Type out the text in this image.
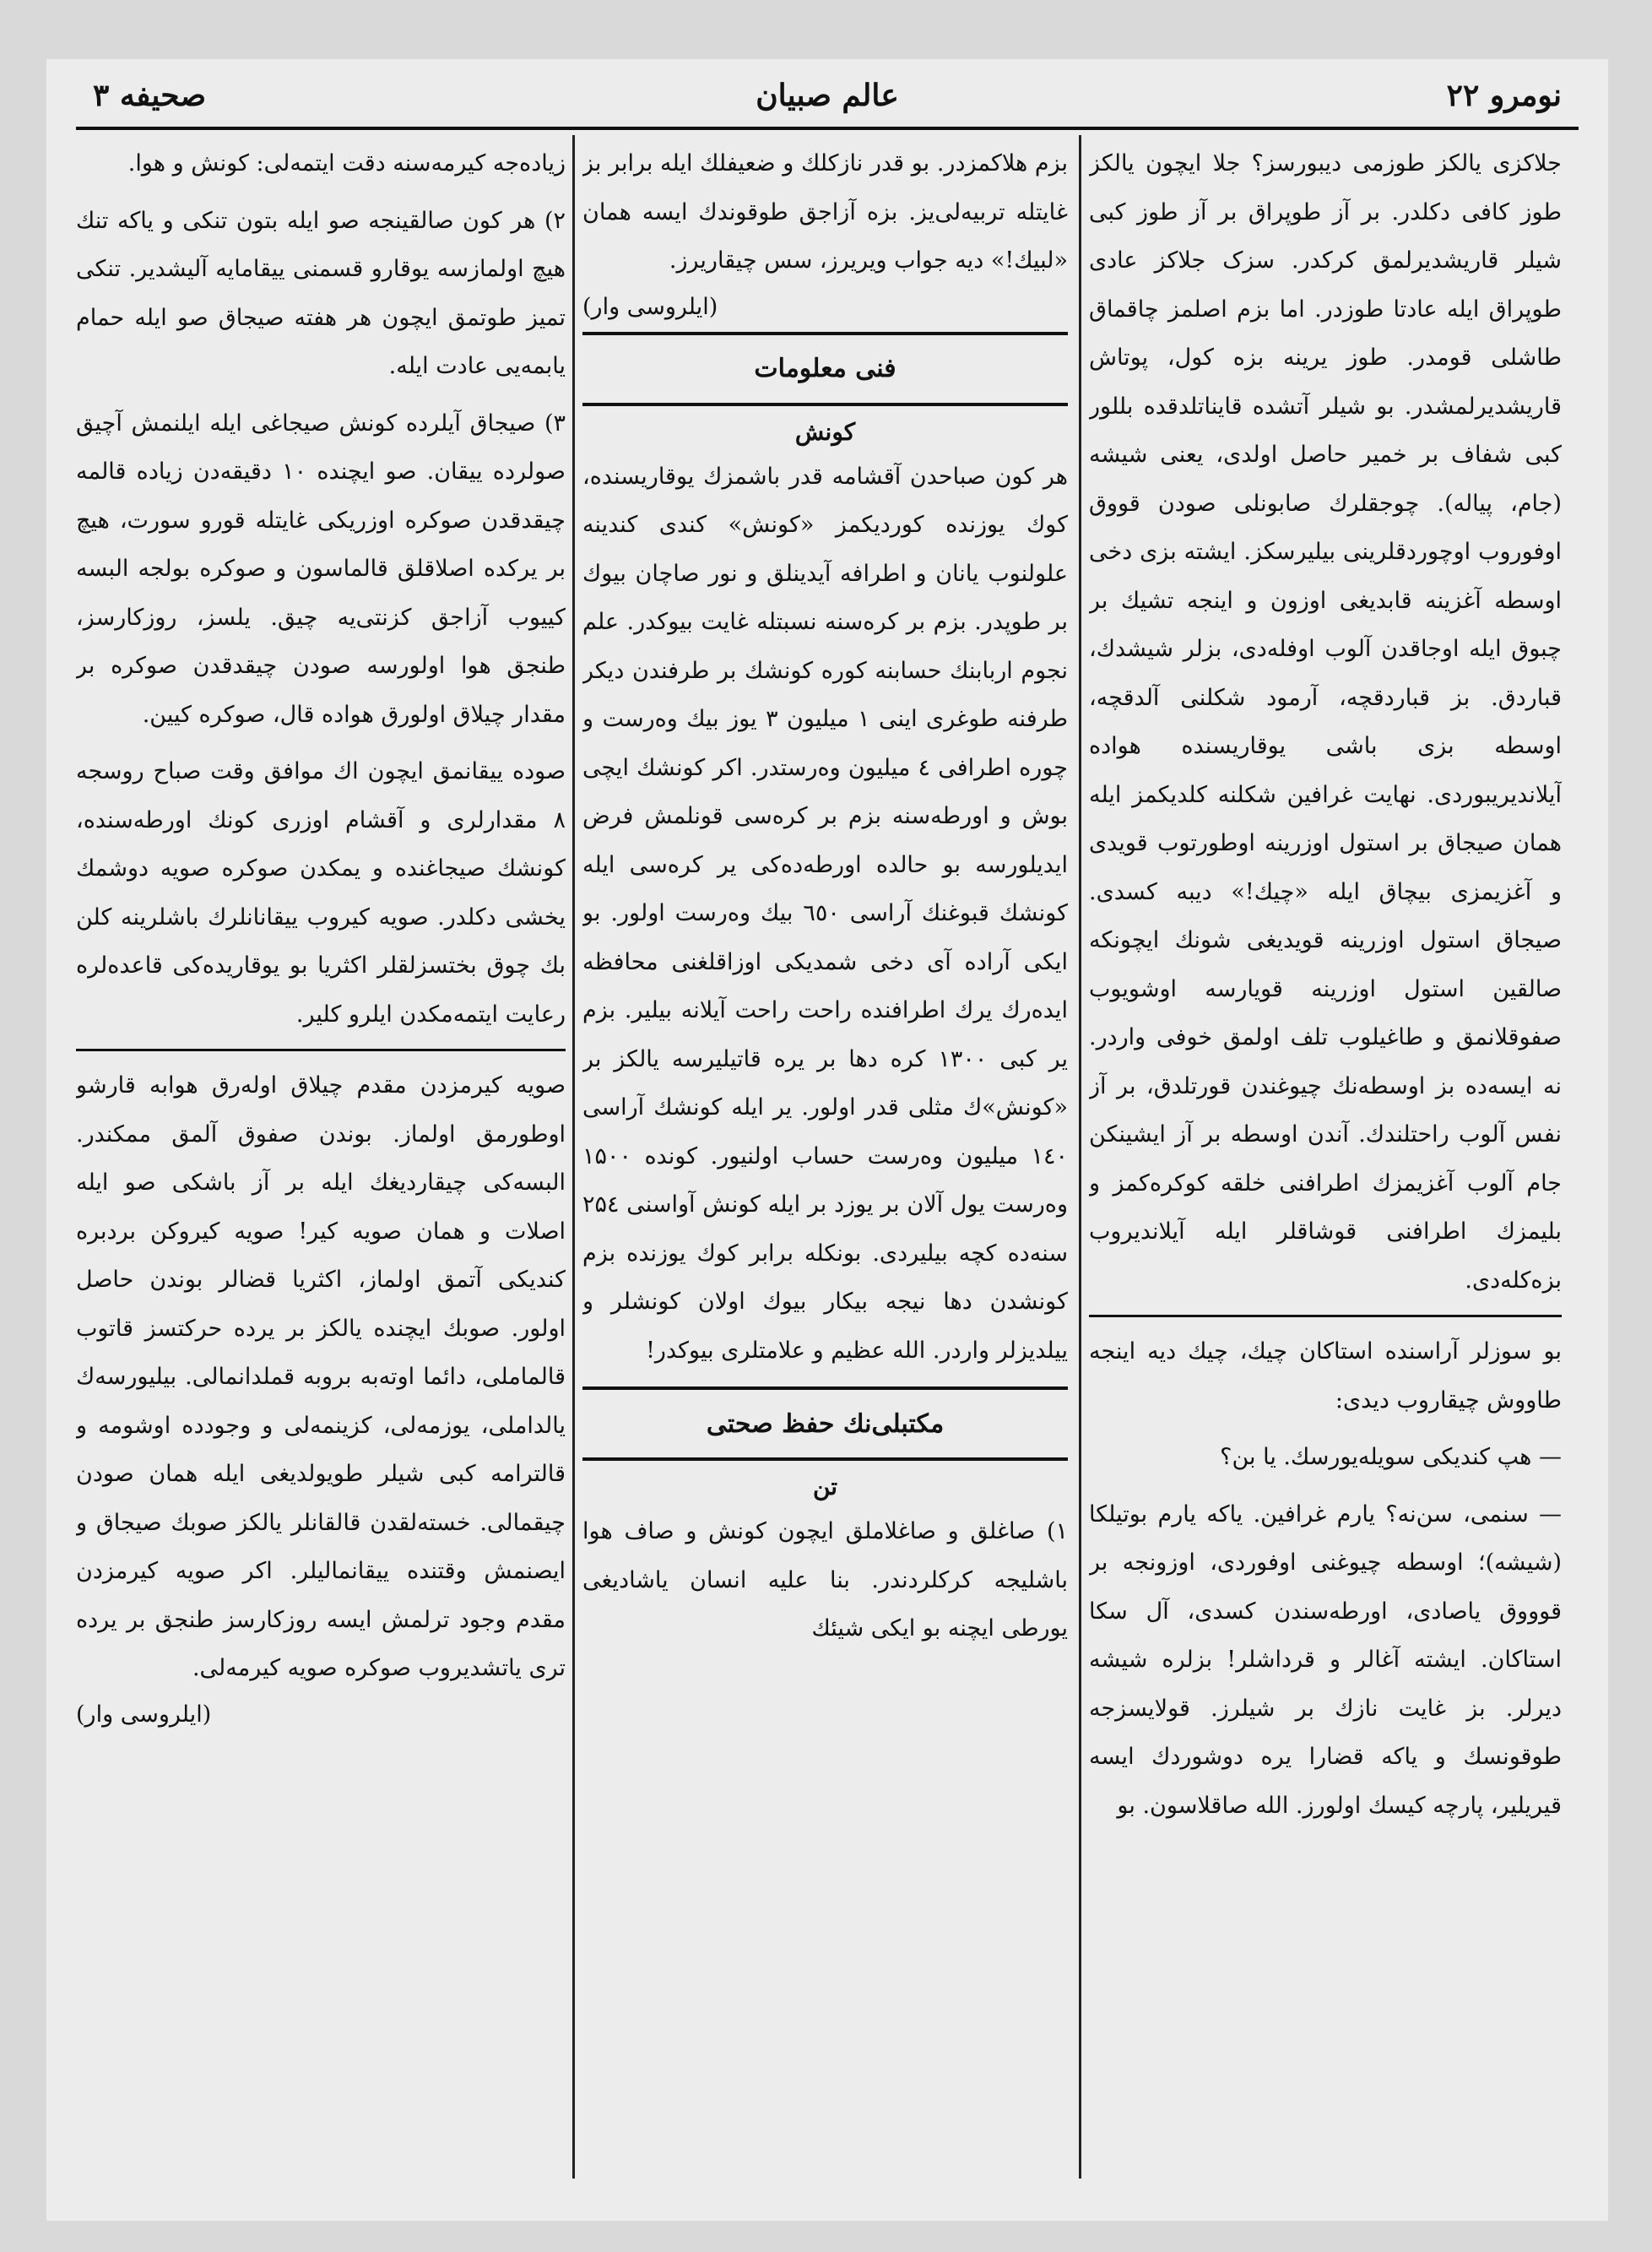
نومرو ۲۲
عالم صبیان
صحیفه ۳

جلاکزی یالکز طوزمی دیبورسز؟ جلا ایچون یالکز طوز کافی دکلدر. بر آز طوپراق بر آز طوز کبی شیلر قاریشدیرلمق کرکدر. سزک جلاکز عادی طوپراق ایله عادتا طوزدر. اما بزم اصلمز چاقماق طاشلی قومدر. طوز یرینه بزه کول، پوتاش قاریشدیرلمشدر. بو شیلر آتشده قایناتلدقده بللور کبی شفاف بر خمیر حاصل اولدی، یعنی شیشه (جام، پیاله). چوجقلرك صابونلی صودن قووق اوفوروب اوچوردقلرینی بیلیرسکز. ایشته بزی دخی اوسطه آغزینه قابدیغی اوزون و اینجه تشیك بر چبوق ایله اوجاقدن آلوب اوفله‌دی، بزلر شیشدك، قباردق. بز قباردقچه، آرمود شکلنی آلدقچه، اوسطه بزی باشی یوقاریسنده هواده آیلاندیریبوردی. نهایت غرافین شکلنه کلدیکمز ایله همان صیجاق بر استول اوزرینه اوطورتوب قویدی و آغزیمزی بیچاق ایله «چیك!» دیبه کسدی. صیجاق استول اوزرینه قویدیغی شونك ایچونکه صالقین استول اوزرینه قویارسه اوشویوب صفوقلانمق و طاغیلوب تلف اولمق خوفی واردر. نه ایسه‌ده بز اوسطه‌نك چیوغندن قورتلدق، بر آز نفس آلوب راحتلندك. آندن اوسطه بر آز ایشینکن جام آلوب آغزیمزك اطرافنی خلقه کوکره‌کمز و بلیمزك اطرافنی قوشاقلر ایله آیلاندیروب بزه‌کله‌دی.

بو سوزلر آراسنده استاکان چیك، چیك دیه اینجه طاووش چیقاروب دیدی:

— هپ کندیکی سویله‌یورسك. یا بن؟

— سنمی، سن‌نه؟ یارم غرافین. یاکه یارم بوتیلکا (شیشه)؛ اوسطه چیوغنی اوفوردی، اوزونجه بر قوووق یاصادی، اورطه‌سندن کسدی، آل سکا استاکان. ایشته آغالر و قرداشلر! بزلره شیشه دیرلر. بز غایت نازك بر شیلرز. قولایسزجه طوقونسك و یاکه قضارا یره دوشوردك ایسه قیریلیر، پارچه کیسك اولورز. الله صاقلاسون. بو

بزم هلاکمزدر. بو قدر نازکلك و ضعیفلك ایله برابر بز غایتله تربیه‌لی‌یز. بزه آزاجق طوقوندك ایسه همان «لبیك!» دیه جواب ویریرز، سس چیقاریرز.

(ایلروسی وار)
فنی معلومات
کونش

هر کون صباحدن آقشامه قدر باشمزك یوقاریسنده، کوك یوزنده کوردیکمز «کونش» کندی کندینه علولنوب یانان و اطرافه آیدینلق و نور صاچان بیوك بر طوپدر. بزم بر کره‌سنه نسبتله غایت بیوکدر. علم نجوم اربابنك حسابنه کوره کونشك بر طرفندن دیکر طرفنه طوغری اینی ۱ میلیون ۳ یوز بیك وه‌رست و چوره اطرافی ٤ میلیون وه‌رستدر. اکر کونشك ایچی بوش و اورطه‌سنه بزم بر کره‌سی قونلمش فرض ایدیلورسه بو حالده اورطه‌ده‌کی یر کره‌سی ایله کونشك قبوغنك آراسی ٦٥٠ بیك وه‌رست اولور. بو ایکی آراده آی دخی شمدیکی اوزاقلغنی محافظه ایده‌رك یرك اطرافنده راحت راحت آیلانه بیلیر. بزم یر کبی ۱۳۰۰ کره دها بر یره قاتیلیرسه یالکز بر «کونش»ك مثلی قدر اولور. یر ایله کونشك آراسی ۱٤٠ میلیون وه‌رست حساب اولنیور. کونده ۱۵۰۰ وه‌رست یول آلان بر یوزد بر ایله کونش آواسنی ۲۵٤ سنه‌ده کچه بیلیردی. بونکله برابر کوك یوزنده بزم کونشدن دها نیجه بیکار بیوك اولان کونشلر و ییلدیزلر واردر. الله عظیم و علامتلری بیوکدر!

مکتبلی‌نك حفظ صحتی
تن

۱) صاغلق و صاغلاملق ایچون کونش و صاف هوا باشلیجه کرکلردندر. بنا علیه انسان یاشادیغی یورطی ایچنه بو ایکی شیئك

زیاده‌جه کیرمه‌سنه دقت ایتمه‌لی: کونش و هوا.

۲) هر کون صالقینجه صو ایله بتون تنکی و یاکه تنك هیچ اولمازسه یوقارو قسمنی ییقامایه آلیشدیر. تنکی تمیز طوتمق ایچون هر هفته صیجاق صو ایله حمام یابمه‌یی عادت ایله.

۳) صیجاق آیلرده کونش صیجاغی ایله ایلنمش آچیق صولرده ییقان. صو ایچنده ۱۰ دقیقه‌دن زیاده قالمه چیقدقدن صوکره اوزریکی غایتله قورو سورت، هیچ بر یرکده اصلاقلق قالماسون و صوکره بولجه البسه کییوب آزاجق کزنتی‌یه چیق. یلسز، روزکارسز، طنجق هوا اولورسه صودن چیقدقدن صوکره بر مقدار چیلاق اولورق هواده قال، صوکره کیین.

صوده ییقانمق ایچون اك موافق وقت صباح روسجه ۸ مقدارلری و آقشام اوزری کونك اورطه‌سنده، کونشك صیجاغنده و یمکدن صوکره صویه دوشمك یخشی دکلدر. صویه کیروب ییقانانلرك باشلرینه کلن بك چوق بختسزلقلر اکثریا بو یوقاریده‌کی قاعده‌لره رعایت ایتمه‌مکدن ایلرو کلیر.

صویه کیرمزدن مقدم چیلاق اوله‌رق هوابه قارشو اوطورمق اولماز. بوندن صفوق آلمق ممکندر. البسه‌کی چیقاردیغك ایله بر آز باشکی صو ایله اصلات و همان صویه کیر! صویه کیروکن بردبره کندیکی آتمق اولماز، اکثریا قضالر بوندن حاصل اولور. صوبك ایچنده یالکز بر یرده حرکتسز قاتوب قالماملی، دائما اوته‌به بروبه قملدانمالی. بیلیورسه‌ك یالداملی، یوزمه‌لی، کزینمه‌لی و وجودده اوشومه و قالترامه کبی شیلر طویولدیغی ایله همان صودن چیقمالی. خسته‌لقدن قالقانلر یالکز صوبك صیجاق و ایصنمش وقتنده ییقانمالیلر. اکر صویه کیرمزدن مقدم وجود ترلمش ایسه روزکارسز طنجق بر یرده تری یاتشدیروب صوکره صویه کیرمه‌لی.

(ایلروسی وار)
